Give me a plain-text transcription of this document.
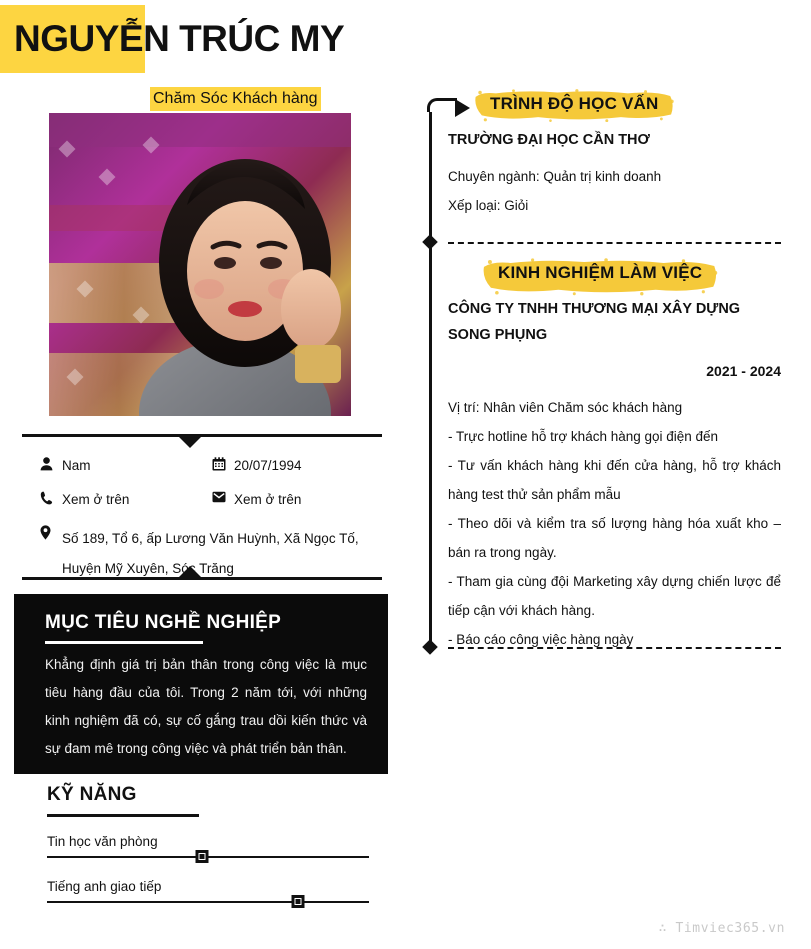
NGUYỄN TRÚC MY
Chăm Sóc Khách hàng
Nam	20/07/1994
Xem ở trên	Xem ở trên
Số 189, Tổ 6, ấp Lương Văn Huỳnh, Xã Ngọc Tố, Huyện Mỹ Xuyên, Sóc Trăng
MỤC TIÊU NGHỀ NGHIỆP
Khẳng định giá trị bản thân trong công việc là mục tiêu hàng đầu của tôi. Trong 2 năm tới, với những kinh nghiệm đã có, sự cố gắng trau dồi kiến thức và sự đam mê trong công việc và phát triển bản thân.
KỸ NĂNG
Tin học văn phòng
Tiếng anh giao tiếp
TRÌNH ĐỘ HỌC VẤN
TRƯỜNG ĐẠI HỌC CẦN THƠ
Chuyên ngành: Quản trị kinh doanh
Xếp loại: Giỏi
KINH NGHIỆM LÀM VIỆC
CÔNG TY TNHH THƯƠNG MẠI XÂY DỰNG SONG PHỤNG
2021 - 2024
Vị trí: Nhân viên Chăm sóc khách hàng
- Trực hotline hỗ trợ khách hàng gọi điện đến
- Tư vấn khách hàng khi đến cửa hàng, hỗ trợ khách hàng test thử sản phẩm mẫu
- Theo dõi và kiểm tra số lượng hàng hóa xuất kho – bán ra trong ngày.
- Tham gia cùng đội Marketing xây dựng chiến lược để tiếp cận với khách hàng.
- Báo cáo công việc hàng ngày
∴ Timviec365.vn
